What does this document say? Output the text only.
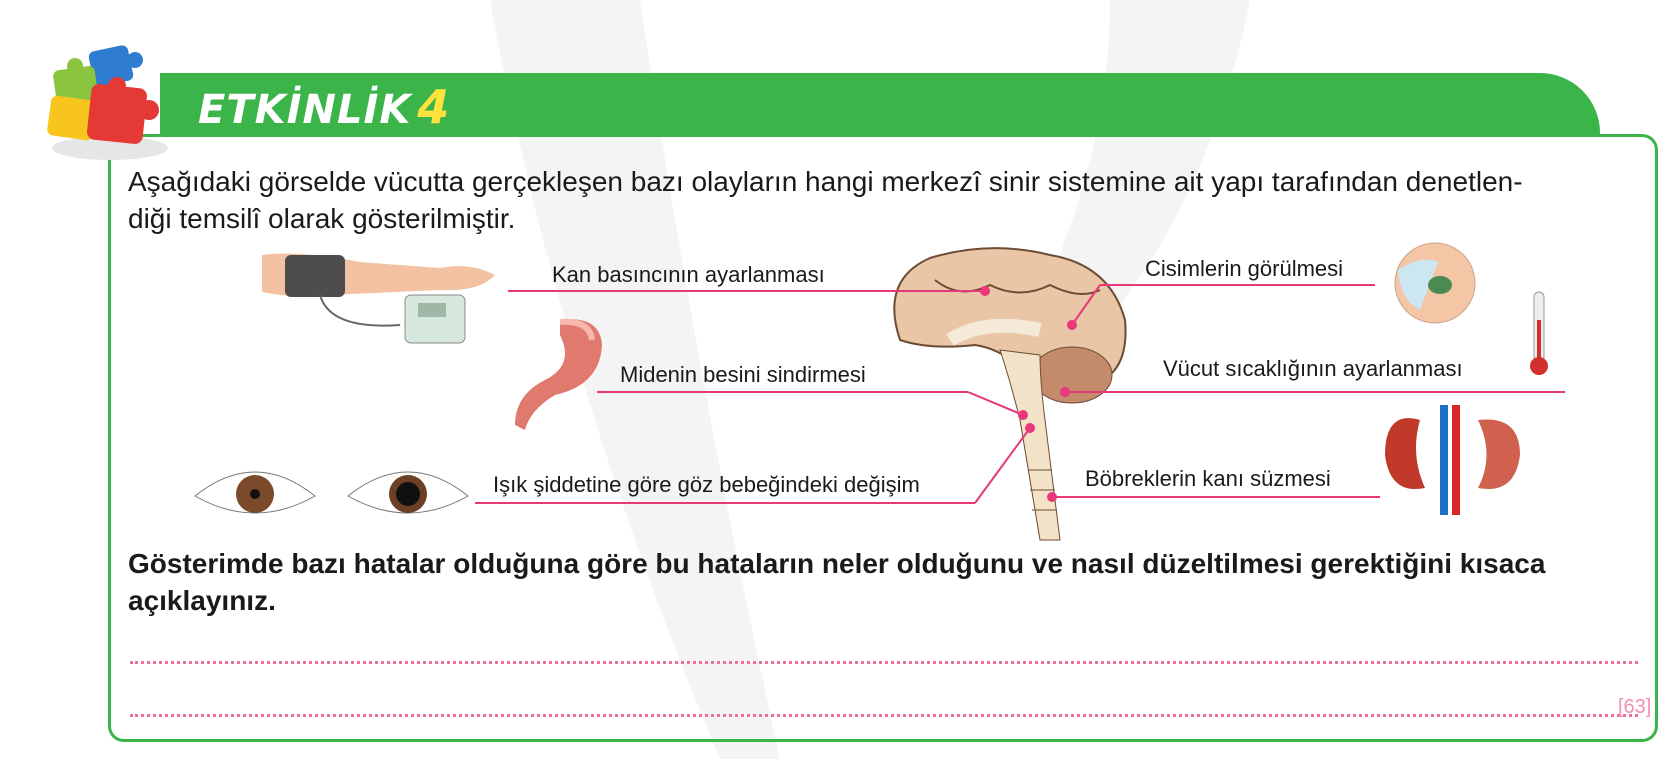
ETKİNLİK 4
Aşağıdaki görselde vücutta gerçekleşen bazı olayların hangi merkezî sinir sistemine ait yapı tarafından denetlen-
diği temsilî olarak gösterilmiştir.
Kan basıncının ayarlanması
Midenin besini sindirmesi
Işık şiddetine göre göz bebeğindeki değişim
Cisimlerin görülmesi
Vücut sıcaklığının ayarlanması
Böbreklerin kanı süzmesi
Gösterimde bazı hatalar olduğuna göre bu hataların neler olduğunu ve nasıl düzeltilmesi gerektiğini kısaca
açıklayınız.
[63]
